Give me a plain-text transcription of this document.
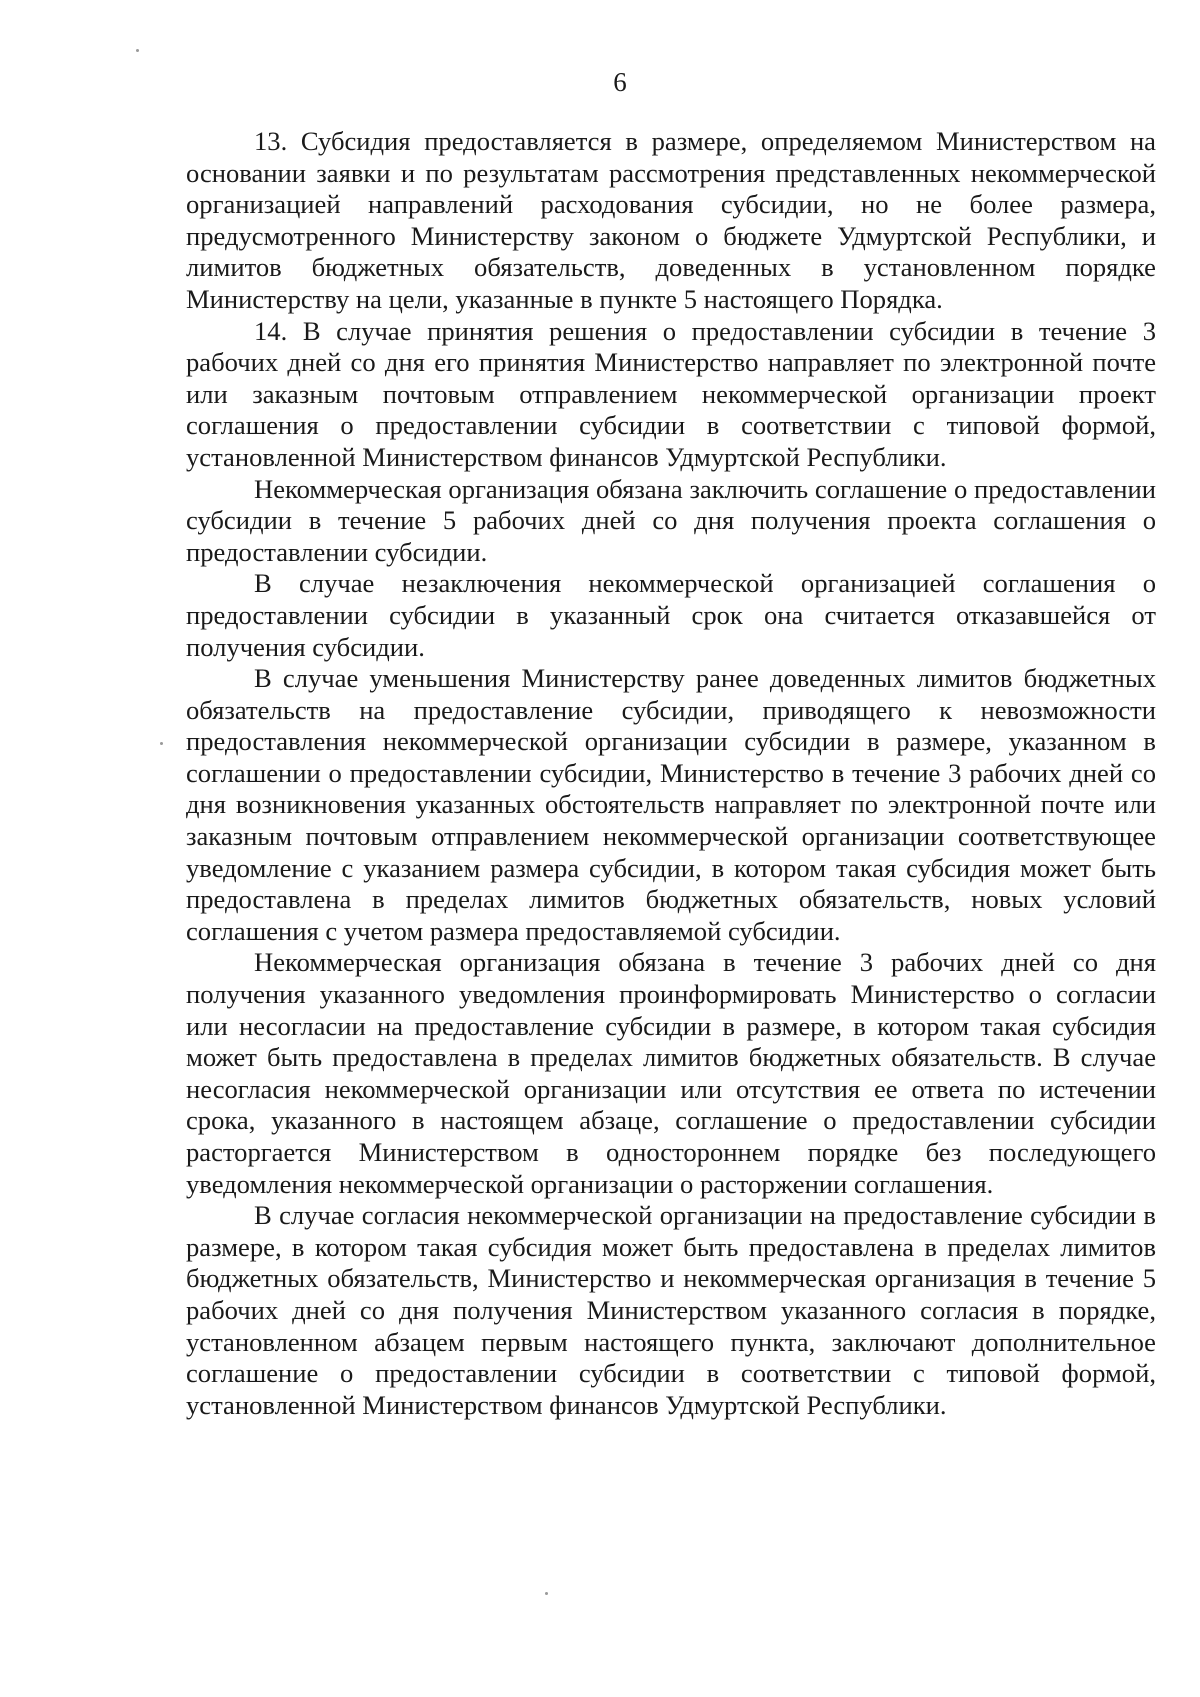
6

13. Субсидия предоставляется в размере, определяемом Министерством на основании заявки и по результатам рассмотрения представленных некоммерческой организацией направлений расходования субсидии, но не более размера, предусмотренного Министерству законом о бюджете Удмуртской Республики, и лимитов бюджетных обязательств, доведенных в установленном порядке Министерству на цели, указанные в пункте 5 настоящего Порядка.

14. В случае принятия решения о предоставлении субсидии в течение 3 рабочих дней со дня его принятия Министерство направляет по электронной почте или заказным почтовым отправлением некоммерческой организации проект соглашения о предоставлении субсидии в соответствии с типовой формой, установленной Министерством финансов Удмуртской Республики.

Некоммерческая организация обязана заключить соглашение о предоставлении субсидии в течение 5 рабочих дней со дня получения проекта соглашения о предоставлении субсидии.

В случае незаключения некоммерческой организацией соглашения о предоставлении субсидии в указанный срок она считается отказавшейся от получения субсидии.

В случае уменьшения Министерству ранее доведенных лимитов бюджетных обязательств на предоставление субсидии, приводящего к невозможности предоставления некоммерческой организации субсидии в размере, указанном в соглашении о предоставлении субсидии, Министерство в течение 3 рабочих дней со дня возникновения указанных обстоятельств направляет по электронной почте или заказным почтовым отправлением некоммерческой организации соответствующее уведомление с указанием размера субсидии, в котором такая субсидия может быть предоставлена в пределах лимитов бюджетных обязательств, новых условий соглашения с учетом размера предоставляемой субсидии.

Некоммерческая организация обязана в течение 3 рабочих дней со дня получения указанного уведомления проинформировать Министерство о согласии или несогласии на предоставление субсидии в размере, в котором такая субсидия может быть предоставлена в пределах лимитов бюджетных обязательств. В случае несогласия некоммерческой организации или отсутствия ее ответа по истечении срока, указанного в настоящем абзаце, соглашение о предоставлении субсидии расторгается Министерством в одностороннем порядке без последующего уведомления некоммерческой организации о расторжении соглашения.

В случае согласия некоммерческой организации на предоставление субсидии в размере, в котором такая субсидия может быть предоставлена в пределах лимитов бюджетных обязательств, Министерство и некоммерческая организация в течение 5 рабочих дней со дня получения Министерством указанного согласия в порядке, установленном абзацем первым настоящего пункта, заключают дополнительное соглашение о предоставлении субсидии в соответствии с типовой формой, установленной Министерством финансов Удмуртской Республики.
